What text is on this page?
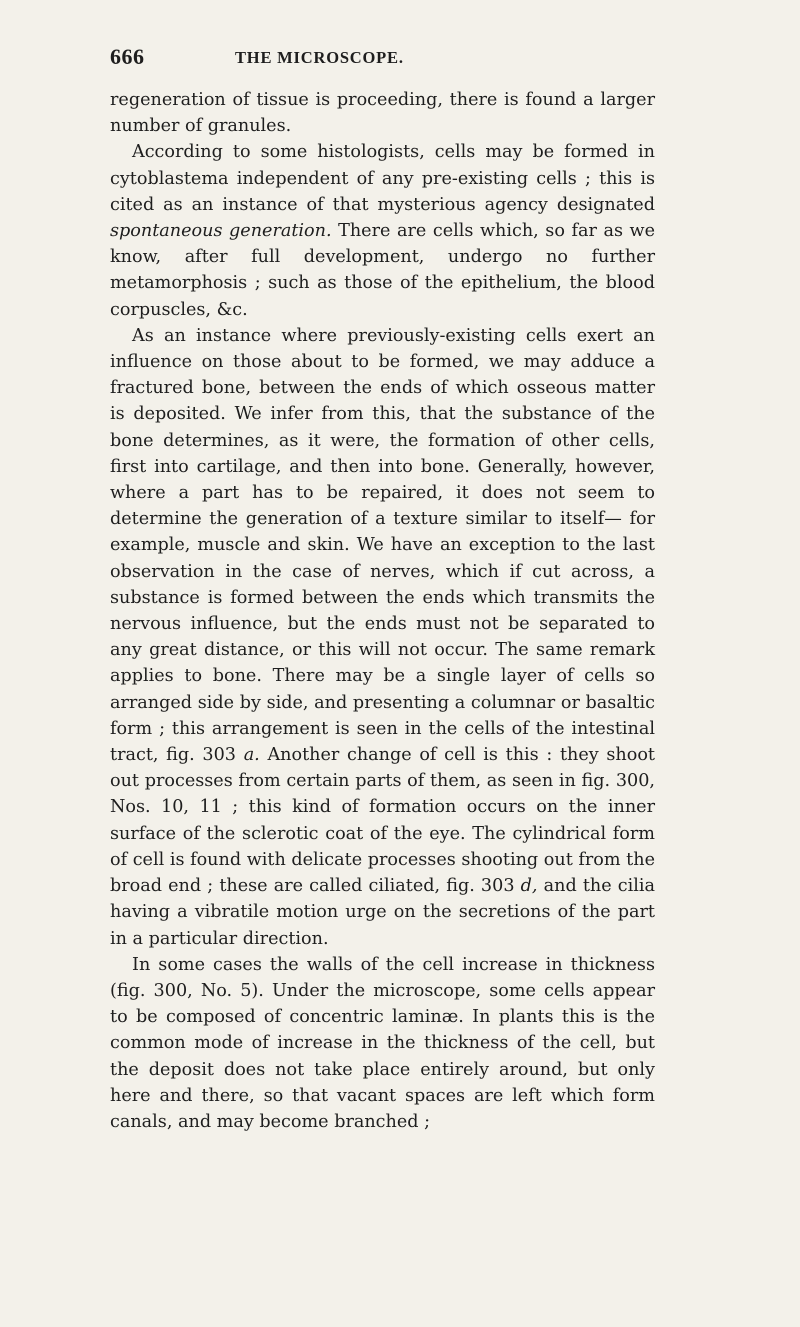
666	THE MICROSCOPE.

regeneration of tissue is proceeding, there is found a larger number of granules.

According to some histologists, cells may be formed in cytoblastema independent of any pre-existing cells ; this is cited as an instance of that mysterious agency designated spontaneous generation. There are cells which, so far as we know, after full development, undergo no further metamorphosis ; such as those of the epithelium, the blood corpuscles, &c.

As an instance where previously-existing cells exert an influence on those about to be formed, we may adduce a fractured bone, between the ends of which osseous matter is deposited. We infer from this, that the substance of the bone determines, as it were, the formation of other cells, first into cartilage, and then into bone. Generally, however, where a part has to be repaired, it does not seem to determine the generation of a texture similar to itself— for example, muscle and skin. We have an exception to the last observation in the case of nerves, which if cut across, a substance is formed between the ends which transmits the nervous influence, but the ends must not be separated to any great distance, or this will not occur. The same remark applies to bone. There may be a single layer of cells so arranged side by side, and presenting a columnar or basaltic form ; this arrangement is seen in the cells of the intestinal tract, fig. 303 a. Another change of cell is this : they shoot out processes from certain parts of them, as seen in fig. 300, Nos. 10, 11 ; this kind of formation occurs on the inner surface of the sclerotic coat of the eye. The cylindrical form of cell is found with delicate processes shooting out from the broad end ; these are called ciliated, fig. 303 d, and the cilia having a vibratile motion urge on the secretions of the part in a particular direction.

In some cases the walls of the cell increase in thickness (fig. 300, No. 5). Under the microscope, some cells appear to be composed of concentric laminæ. In plants this is the common mode of increase in the thickness of the cell, but the deposit does not take place entirely around, but only here and there, so that vacant spaces are left which form canals, and may become branched ;
